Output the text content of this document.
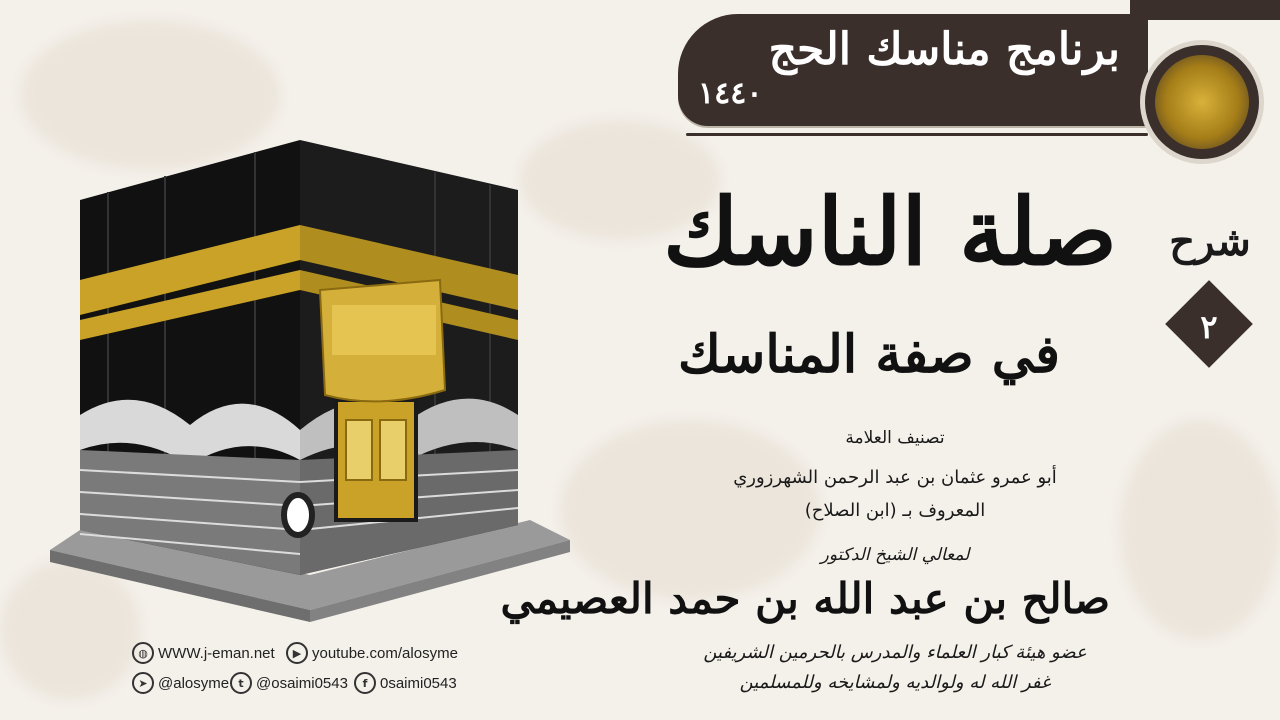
برنامج مناسك الحج
١٤٤٠
شرح
٢
صلة الناسك
في صفة المناسك
تصنيف العلامة
أبو عمرو عثمان بن عبد الرحمن الشهرزوري
المعروف بـ (ابن الصلاح)
لمعالي الشيخ الدكتور
صالح بن عبد الله بن حمد العصيمي
عضو هيئة كبار العلماء والمدرس بالحرمين الشريفين
غفر الله له ولوالديه ولمشايخه وللمسلمين
◍ WWW.j-eman.net	▶ youtube.com/alosyme
➤ @alosyme t @osaimi0543	f 0saimi0543
